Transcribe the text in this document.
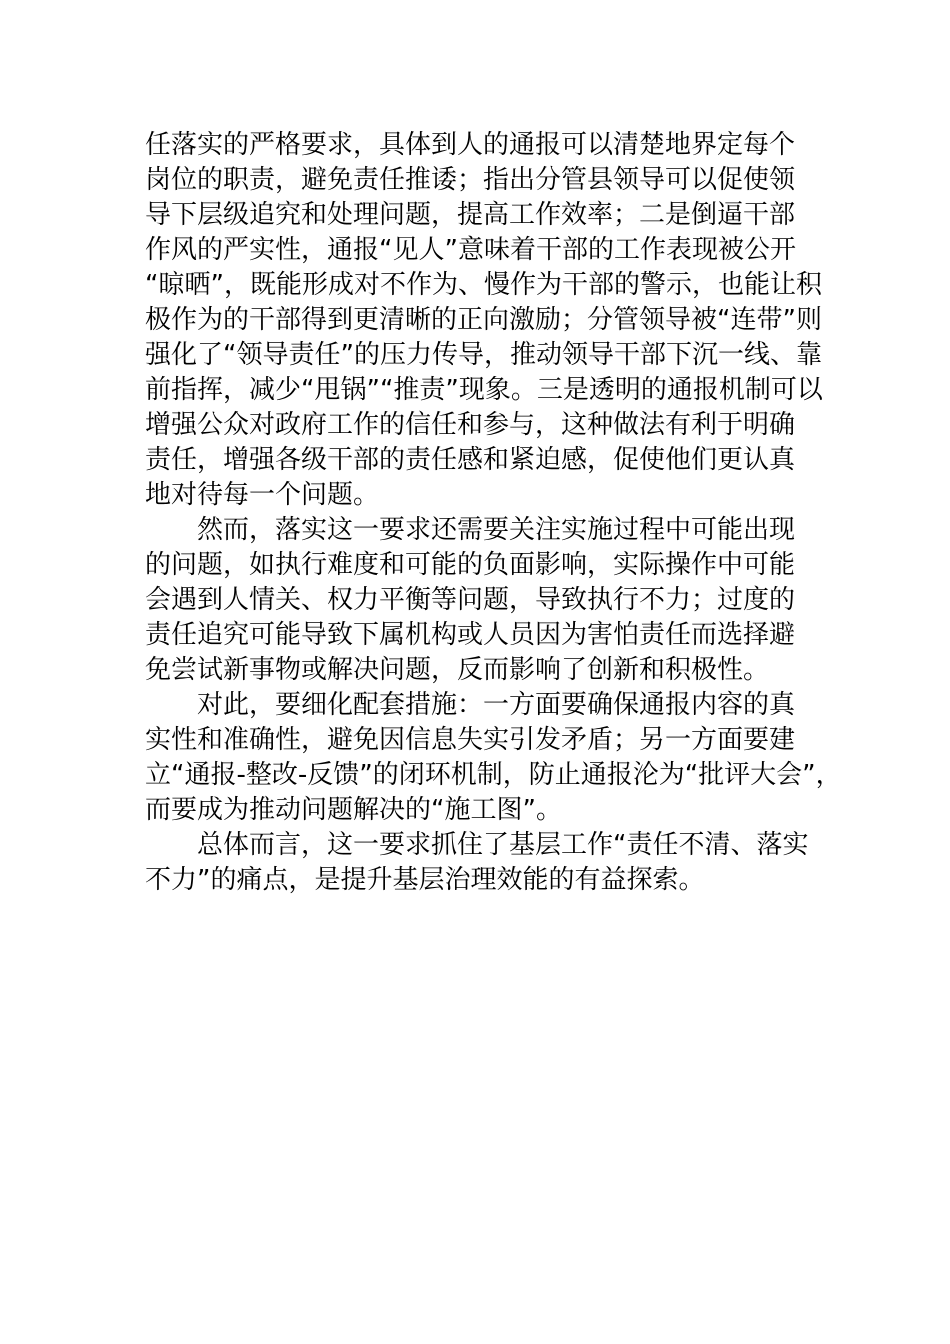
任落实的严格要求，具体到人的通报可以清楚地界定每个
岗位的职责，避免责任推诿；指出分管县领导可以促使领
导下层级追究和处理问题，提高工作效率；二是倒逼干部
作风的严实性，通报“见人”意味着干部的工作表现被公开
“晾晒”，既能形成对不作为、慢作为干部的警示，也能让积
极作为的干部得到更清晰的正向激励；分管领导被“连带”则
强化了“领导责任”的压力传导，推动领导干部下沉一线、靠
前指挥，减少“甩锅”“推责”现象。三是透明的通报机制可以
增强公众对政府工作的信任和参与，这种做法有利于明确
责任，增强各级干部的责任感和紧迫感，促使他们更认真
地对待每一个问题。
然而，落实这一要求还需要关注实施过程中可能出现
的问题，如执行难度和可能的负面影响，实际操作中可能
会遇到人情关、权力平衡等问题，导致执行不力；过度的
责任追究可能导致下属机构或人员因为害怕责任而选择避
免尝试新事物或解决问题，反而影响了创新和积极性。
对此，要细化配套措施：一方面要确保通报内容的真
实性和准确性，避免因信息失实引发矛盾；另一方面要建
立“通报-整改-反馈”的闭环机制，防止通报沦为“批评大会”，
而要成为推动问题解决的“施工图”。
总体而言，这一要求抓住了基层工作“责任不清、落实
不力”的痛点，是提升基层治理效能的有益探索。
